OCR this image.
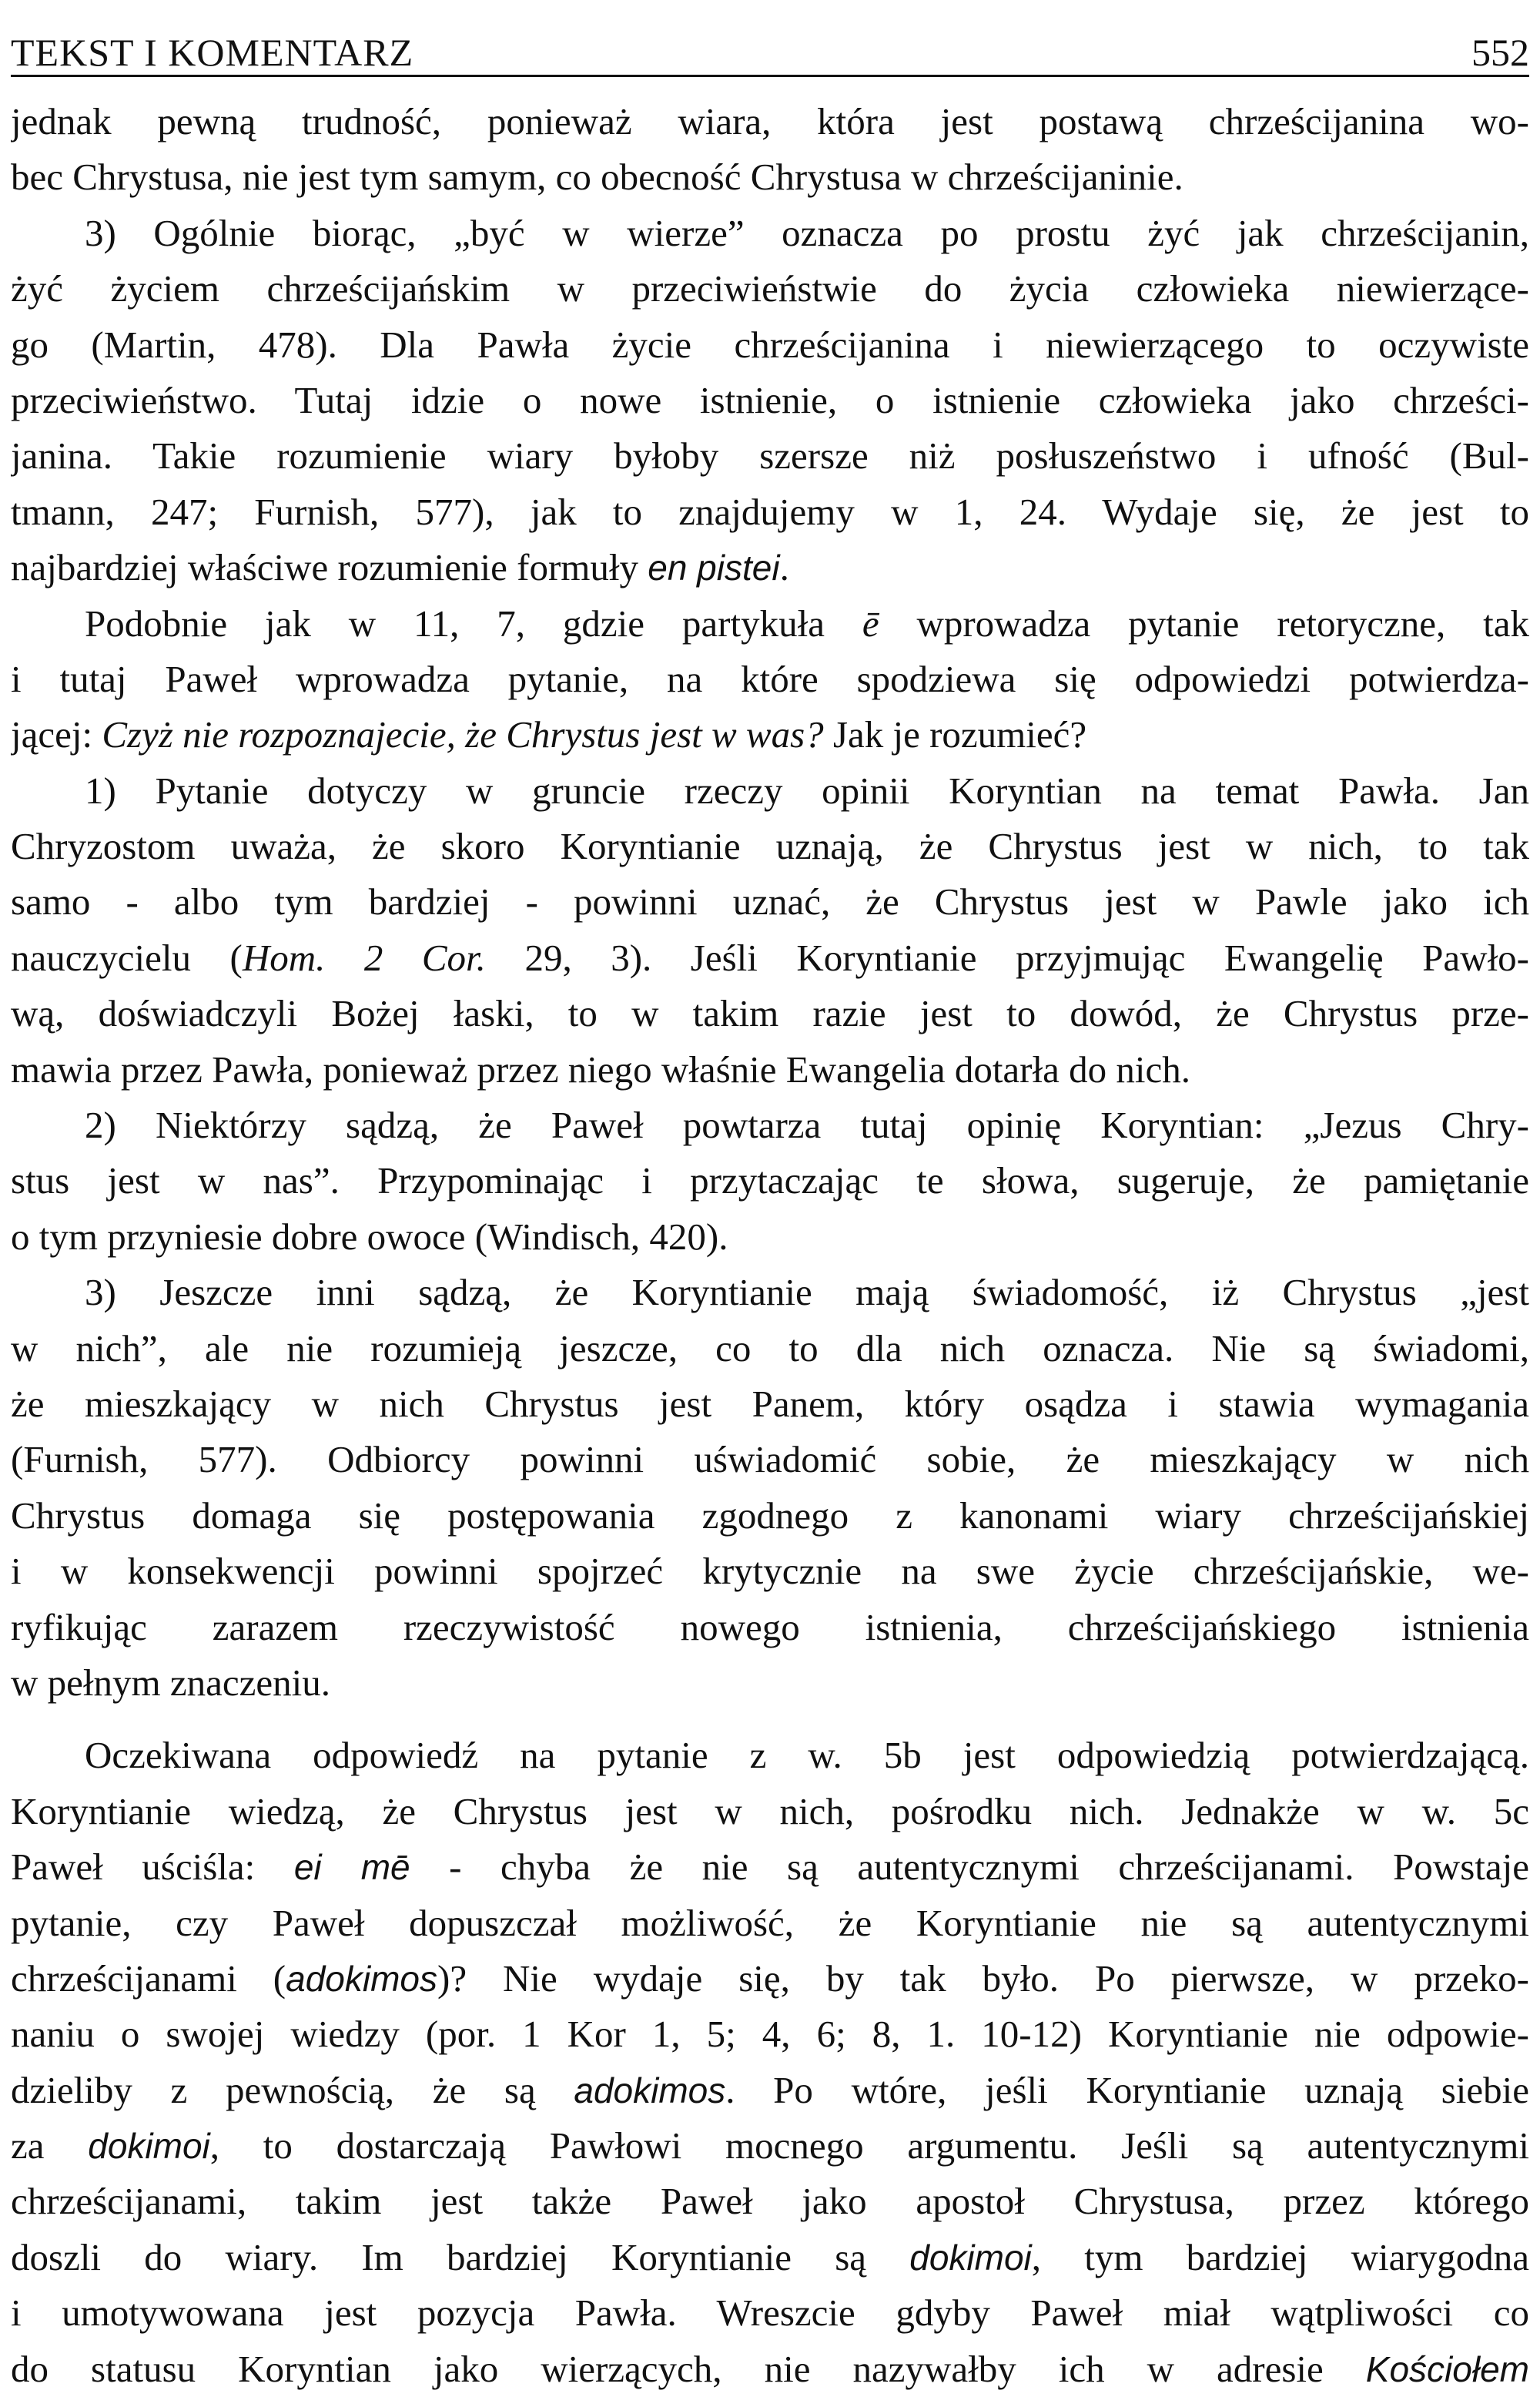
TEKST I KOMENTARZ	552
jednak pewną trudność, ponieważ wiara, która jest postawą chrześcijanina wo-
bec Chrystusa, nie jest tym samym, co obecność Chrystusa w chrześcijaninie.
3) Ogólnie biorąc, „być w wierze” oznacza po prostu żyć jak chrześcijanin,
żyć życiem chrześcijańskim w przeciwieństwie do życia człowieka niewierzące-
go (Martin, 478). Dla Pawła życie chrześcijanina i niewierzącego to oczywiste
przeciwieństwo. Tutaj idzie o nowe istnienie, o istnienie człowieka jako chrześci-
janina. Takie rozumienie wiary byłoby szersze niż posłuszeństwo i ufność (Bul-
tmann, 247; Furnish, 577), jak to znajdujemy w 1, 24. Wydaje się, że jest to
najbardziej właściwe rozumienie formuły en pistei.
Podobnie jak w 11, 7, gdzie partykuła ē wprowadza pytanie retoryczne, tak
i tutaj Paweł wprowadza pytanie, na które spodziewa się odpowiedzi potwierdza-
jącej: Czyż nie rozpoznajecie, że Chrystus jest w was? Jak je rozumieć?
1) Pytanie dotyczy w gruncie rzeczy opinii Koryntian na temat Pawła. Jan
Chryzostom uważa, że skoro Koryntianie uznają, że Chrystus jest w nich, to tak
samo - albo tym bardziej - powinni uznać, że Chrystus jest w Pawle jako ich
nauczycielu (Hom. 2 Cor. 29, 3). Jeśli Koryntianie przyjmując Ewangelię Pawło-
wą, doświadczyli Bożej łaski, to w takim razie jest to dowód, że Chrystus prze-
mawia przez Pawła, ponieważ przez niego właśnie Ewangelia dotarła do nich.
2) Niektórzy sądzą, że Paweł powtarza tutaj opinię Koryntian: „Jezus Chry-
stus jest w nas”. Przypominając i przytaczając te słowa, sugeruje, że pamiętanie
o tym przyniesie dobre owoce (Windisch, 420).
3) Jeszcze inni sądzą, że Koryntianie mają świadomość, iż Chrystus „jest
w nich”, ale nie rozumieją jeszcze, co to dla nich oznacza. Nie są świadomi,
że mieszkający w nich Chrystus jest Panem, który osądza i stawia wymagania
(Furnish, 577). Odbiorcy powinni uświadomić sobie, że mieszkający w nich
Chrystus domaga się postępowania zgodnego z kanonami wiary chrześcijańskiej
i w konsekwencji powinni spojrzeć krytycznie na swe życie chrześcijańskie, we-
ryfikując zarazem rzeczywistość nowego istnienia, chrześcijańskiego istnienia
w pełnym znaczeniu.
Oczekiwana odpowiedź na pytanie z w. 5b jest odpowiedzią potwierdzającą.
Koryntianie wiedzą, że Chrystus jest w nich, pośrodku nich. Jednakże w w. 5c
Paweł uściśla: ei mē - chyba że nie są autentycznymi chrześcijanami. Powstaje
pytanie, czy Paweł dopuszczał możliwość, że Koryntianie nie są autentycznymi
chrześcijanami (adokimos)? Nie wydaje się, by tak było. Po pierwsze, w przeko-
naniu o swojej wiedzy (por. 1 Kor 1, 5; 4, 6; 8, 1. 10-12) Koryntianie nie odpowie-
dzieliby z pewnością, że są adokimos. Po wtóre, jeśli Koryntianie uznają siebie
za dokimoi, to dostarczają Pawłowi mocnego argumentu. Jeśli są autentycznymi
chrześcijanami, takim jest także Paweł jako apostoł Chrystusa, przez którego
doszli do wiary. Im bardziej Koryntianie są dokimoi, tym bardziej wiarygodna
i umotywowana jest pozycja Pawła. Wreszcie gdyby Paweł miał wątpliwości co
do statusu Koryntian jako wierzących, nie nazywałby ich w adresie Kościołem
